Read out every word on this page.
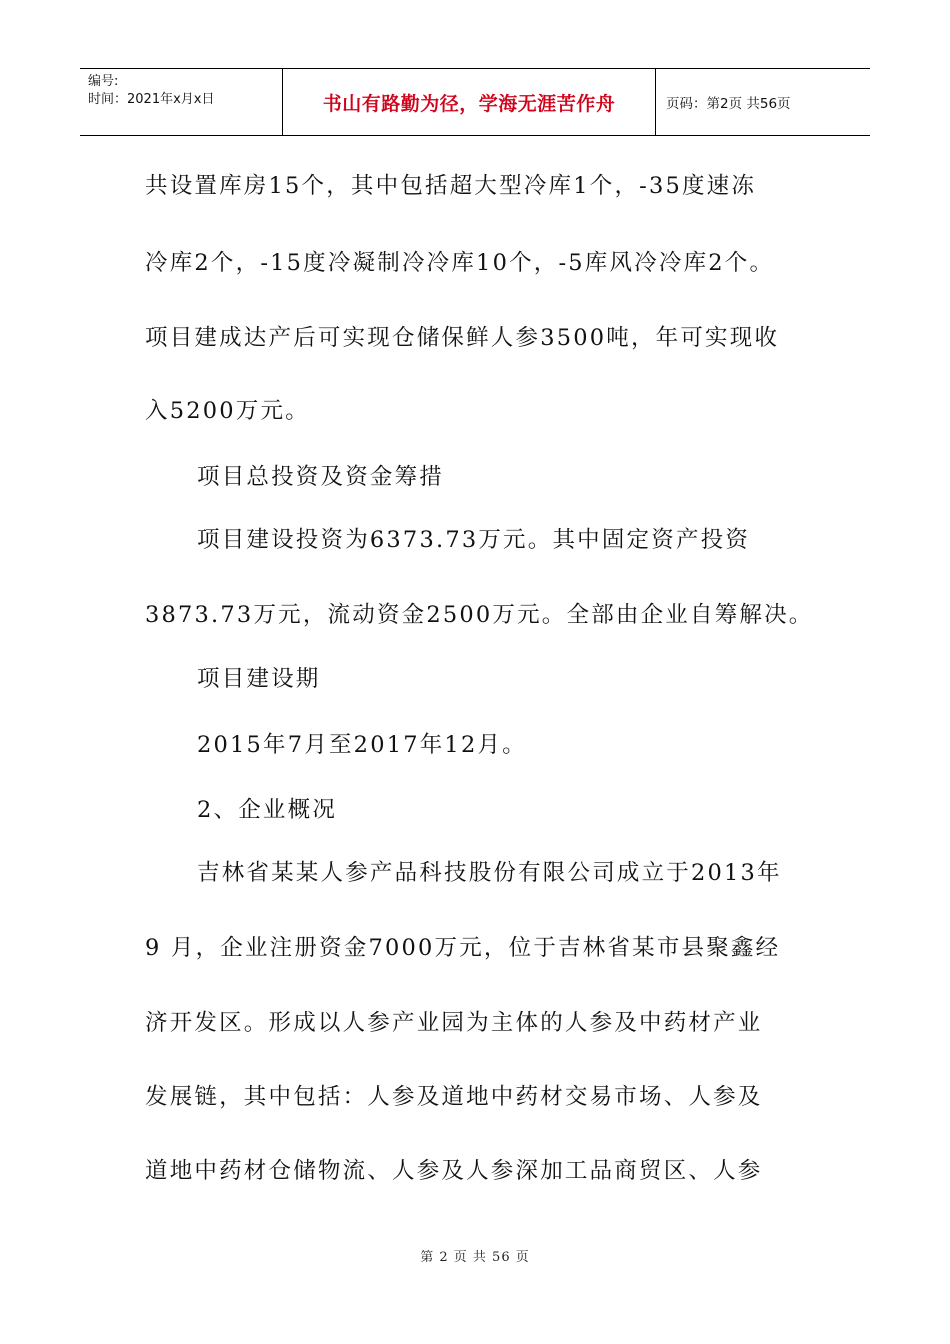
编号:
时间：2021年x月x日	书山有路勤为径，学海无涯苦作舟	页码：第2页 共56页
共设置库房15个，其中包括超大型冷库1个，-35度速冻
冷库2个，-15度冷凝制冷冷库10个，-5库风冷冷库2个。
项目建成达产后可实现仓储保鲜人参3500吨，年可实现收
入5200万元。
项目总投资及资金筹措
项目建设投资为6373.73万元。其中固定资产投资
3873.73万元，流动资金2500万元。全部由企业自筹解决。
项目建设期
2015年7月至2017年12月。
2、企业概况
吉林省某某人参产品科技股份有限公司成立于2013年
9 月，企业注册资金7000万元，位于吉林省某市县聚鑫经
济开发区。形成以人参产业园为主体的人参及中药材产业
发展链，其中包括：人参及道地中药材交易市场、人参及
道地中药材仓储物流、人参及人参深加工品商贸区、人参
第 2 页 共 56 页
